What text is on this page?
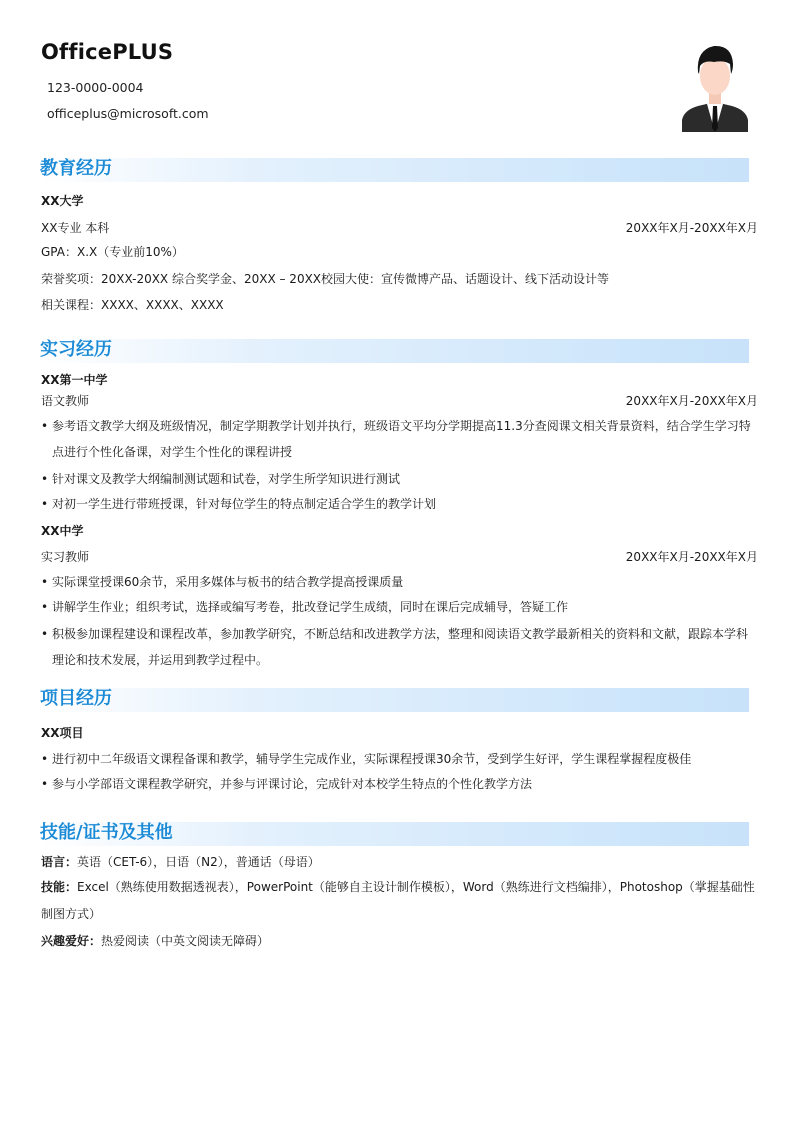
OfficePLUS
123-0000-0004
officeplus@microsoft.com
教育经历
XX大学
XX专业 本科	20XX年X月-20XX年X月
GPA：X.X（专业前10%）
荣誉奖项：20XX-20XX 综合奖学金、20XX – 20XX校园大使：宣传微博产品、话题设计、线下活动设计等
相关课程：XXXX、XXXX、XXXX
实习经历
XX第一中学
语文教师	20XX年X月-20XX年X月
• 参考语文教学大纲及班级情况，制定学期教学计划并执行，班级语文平均分学期提高11.3分查阅课文相关背景资料，结合学生学习特点进行个性化备课，对学生个性化的课程讲授
• 针对课文及教学大纲编制测试题和试卷，对学生所学知识进行测试
• 对初一学生进行带班授课，针对每位学生的特点制定适合学生的教学计划
XX中学
实习教师	20XX年X月-20XX年X月
• 实际课堂授课60余节，采用多媒体与板书的结合教学提高授课质量
• 讲解学生作业；组织考试，选择或编写考卷，批改登记学生成绩，同时在课后完成辅导，答疑工作
• 积极参加课程建设和课程改革，参加教学研究，不断总结和改进教学方法，整理和阅读语文教学最新相关的资料和文献，跟踪本学科理论和技术发展，并运用到教学过程中。
项目经历
XX项目
• 进行初中二年级语文课程备课和教学，辅导学生完成作业，实际课程授课30余节，受到学生好评，学生课程掌握程度极佳
• 参与小学部语文课程教学研究，并参与评课讨论，完成针对本校学生特点的个性化教学方法
技能/证书及其他
语言：英语（CET-6），日语（N2），普通话（母语）
技能：Excel（熟练使用数据透视表），PowerPoint（能够自主设计制作模板），Word（熟练进行文档编排），Photoshop（掌握基础性制图方式）
兴趣爱好：热爱阅读（中英文阅读无障碍）
